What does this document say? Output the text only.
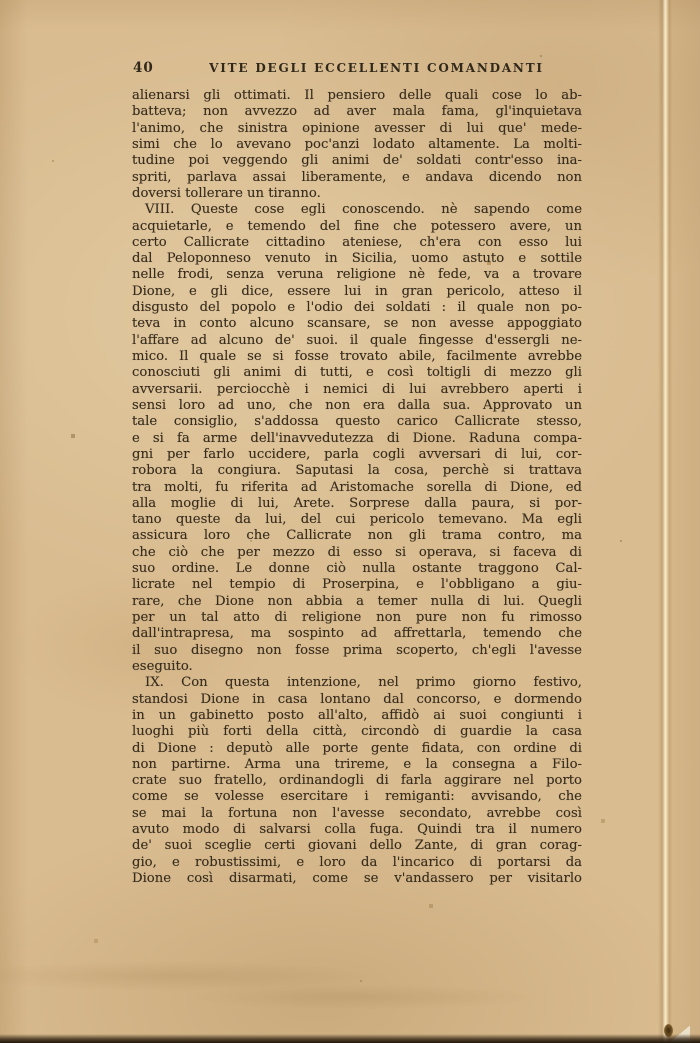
40	VITE DEGLI ECCELLENTI COMANDANTI
alienarsi gli ottimati. Il pensiero delle quali cose lo ab-
batteva; non avvezzo ad aver mala fama, gl'inquietava
l'animo, che sinistra opinione avesser di lui que' mede-
simi che lo avevano poc'anzi lodato altamente. La molti-
tudine poi veggendo gli animi de' soldati contr'esso ina-
spriti, parlava assai liberamente, e andava dicendo non
doversi tollerare un tiranno.
VIII. Queste cose egli conoscendo. nè sapendo come
acquietarle, e temendo del fine che potessero avere, un
certo Callicrate cittadino ateniese, ch'era con esso lui
dal Peloponneso venuto in Sicilia, uomo astuto e sottile
nelle frodi, senza veruna religione nè fede, va a trovare
Dione, e gli dice, essere lui in gran pericolo, atteso il
disgusto del popolo e l'odio dei soldati : il quale non po-
teva in conto alcuno scansare, se non avesse appoggiato
l'affare ad alcuno de' suoi. il quale fingesse d'essergli ne-
mico. Il quale se si fosse trovato abile, facilmente avrebbe
conosciuti gli animi di tutti, e così toltigli di mezzo gli
avversarii. perciocchè i nemici di lui avrebbero aperti i
sensi loro ad uno, che non era dalla sua. Approvato un
tale consiglio, s'addossa questo carico Callicrate stesso,
e si fa arme dell'inavvedutezza di Dione. Raduna compa-
gni per farlo uccidere, parla cogli avversari di lui, cor-
robora la congiura. Saputasi la cosa, perchè si trattava
tra molti, fu riferita ad Aristomache sorella di Dione, ed
alla moglie di lui, Arete. Sorprese dalla paura, si por-
tano queste da lui, del cui pericolo temevano. Ma egli
assicura loro che Callicrate non gli trama contro, ma
che ciò che per mezzo di esso si operava, si faceva di
suo ordine. Le donne ciò nulla ostante traggono Cal-
licrate nel tempio di Proserpina, e l'obbligano a giu-
rare, che Dione non abbia a temer nulla di lui. Quegli
per un tal atto di religione non pure non fu rimosso
dall'intrapresa, ma sospinto ad affrettarla, temendo che
il suo disegno non fosse prima scoperto, ch'egli l'avesse
eseguito.
IX. Con questa intenzione, nel primo giorno festivo,
standosi Dione in casa lontano dal concorso, e dormendo
in un gabinetto posto all'alto, affidò ai suoi congiunti i
luoghi più forti della città, circondò di guardie la casa
di Dione : deputò alle porte gente fidata, con ordine di
non partirne. Arma una trireme, e la consegna a Filo-
crate suo fratello, ordinandogli di farla aggirare nel porto
come se volesse esercitare i remiganti: avvisando, che
se mai la fortuna non l'avesse secondato, avrebbe così
avuto modo di salvarsi colla fuga. Quindi tra il numero
de' suoi sceglie certi giovani dello Zante, di gran corag-
gio, e robustissimi, e loro da l'incarico di portarsi da
Dione così disarmati, come se v'andassero per visitarlo
